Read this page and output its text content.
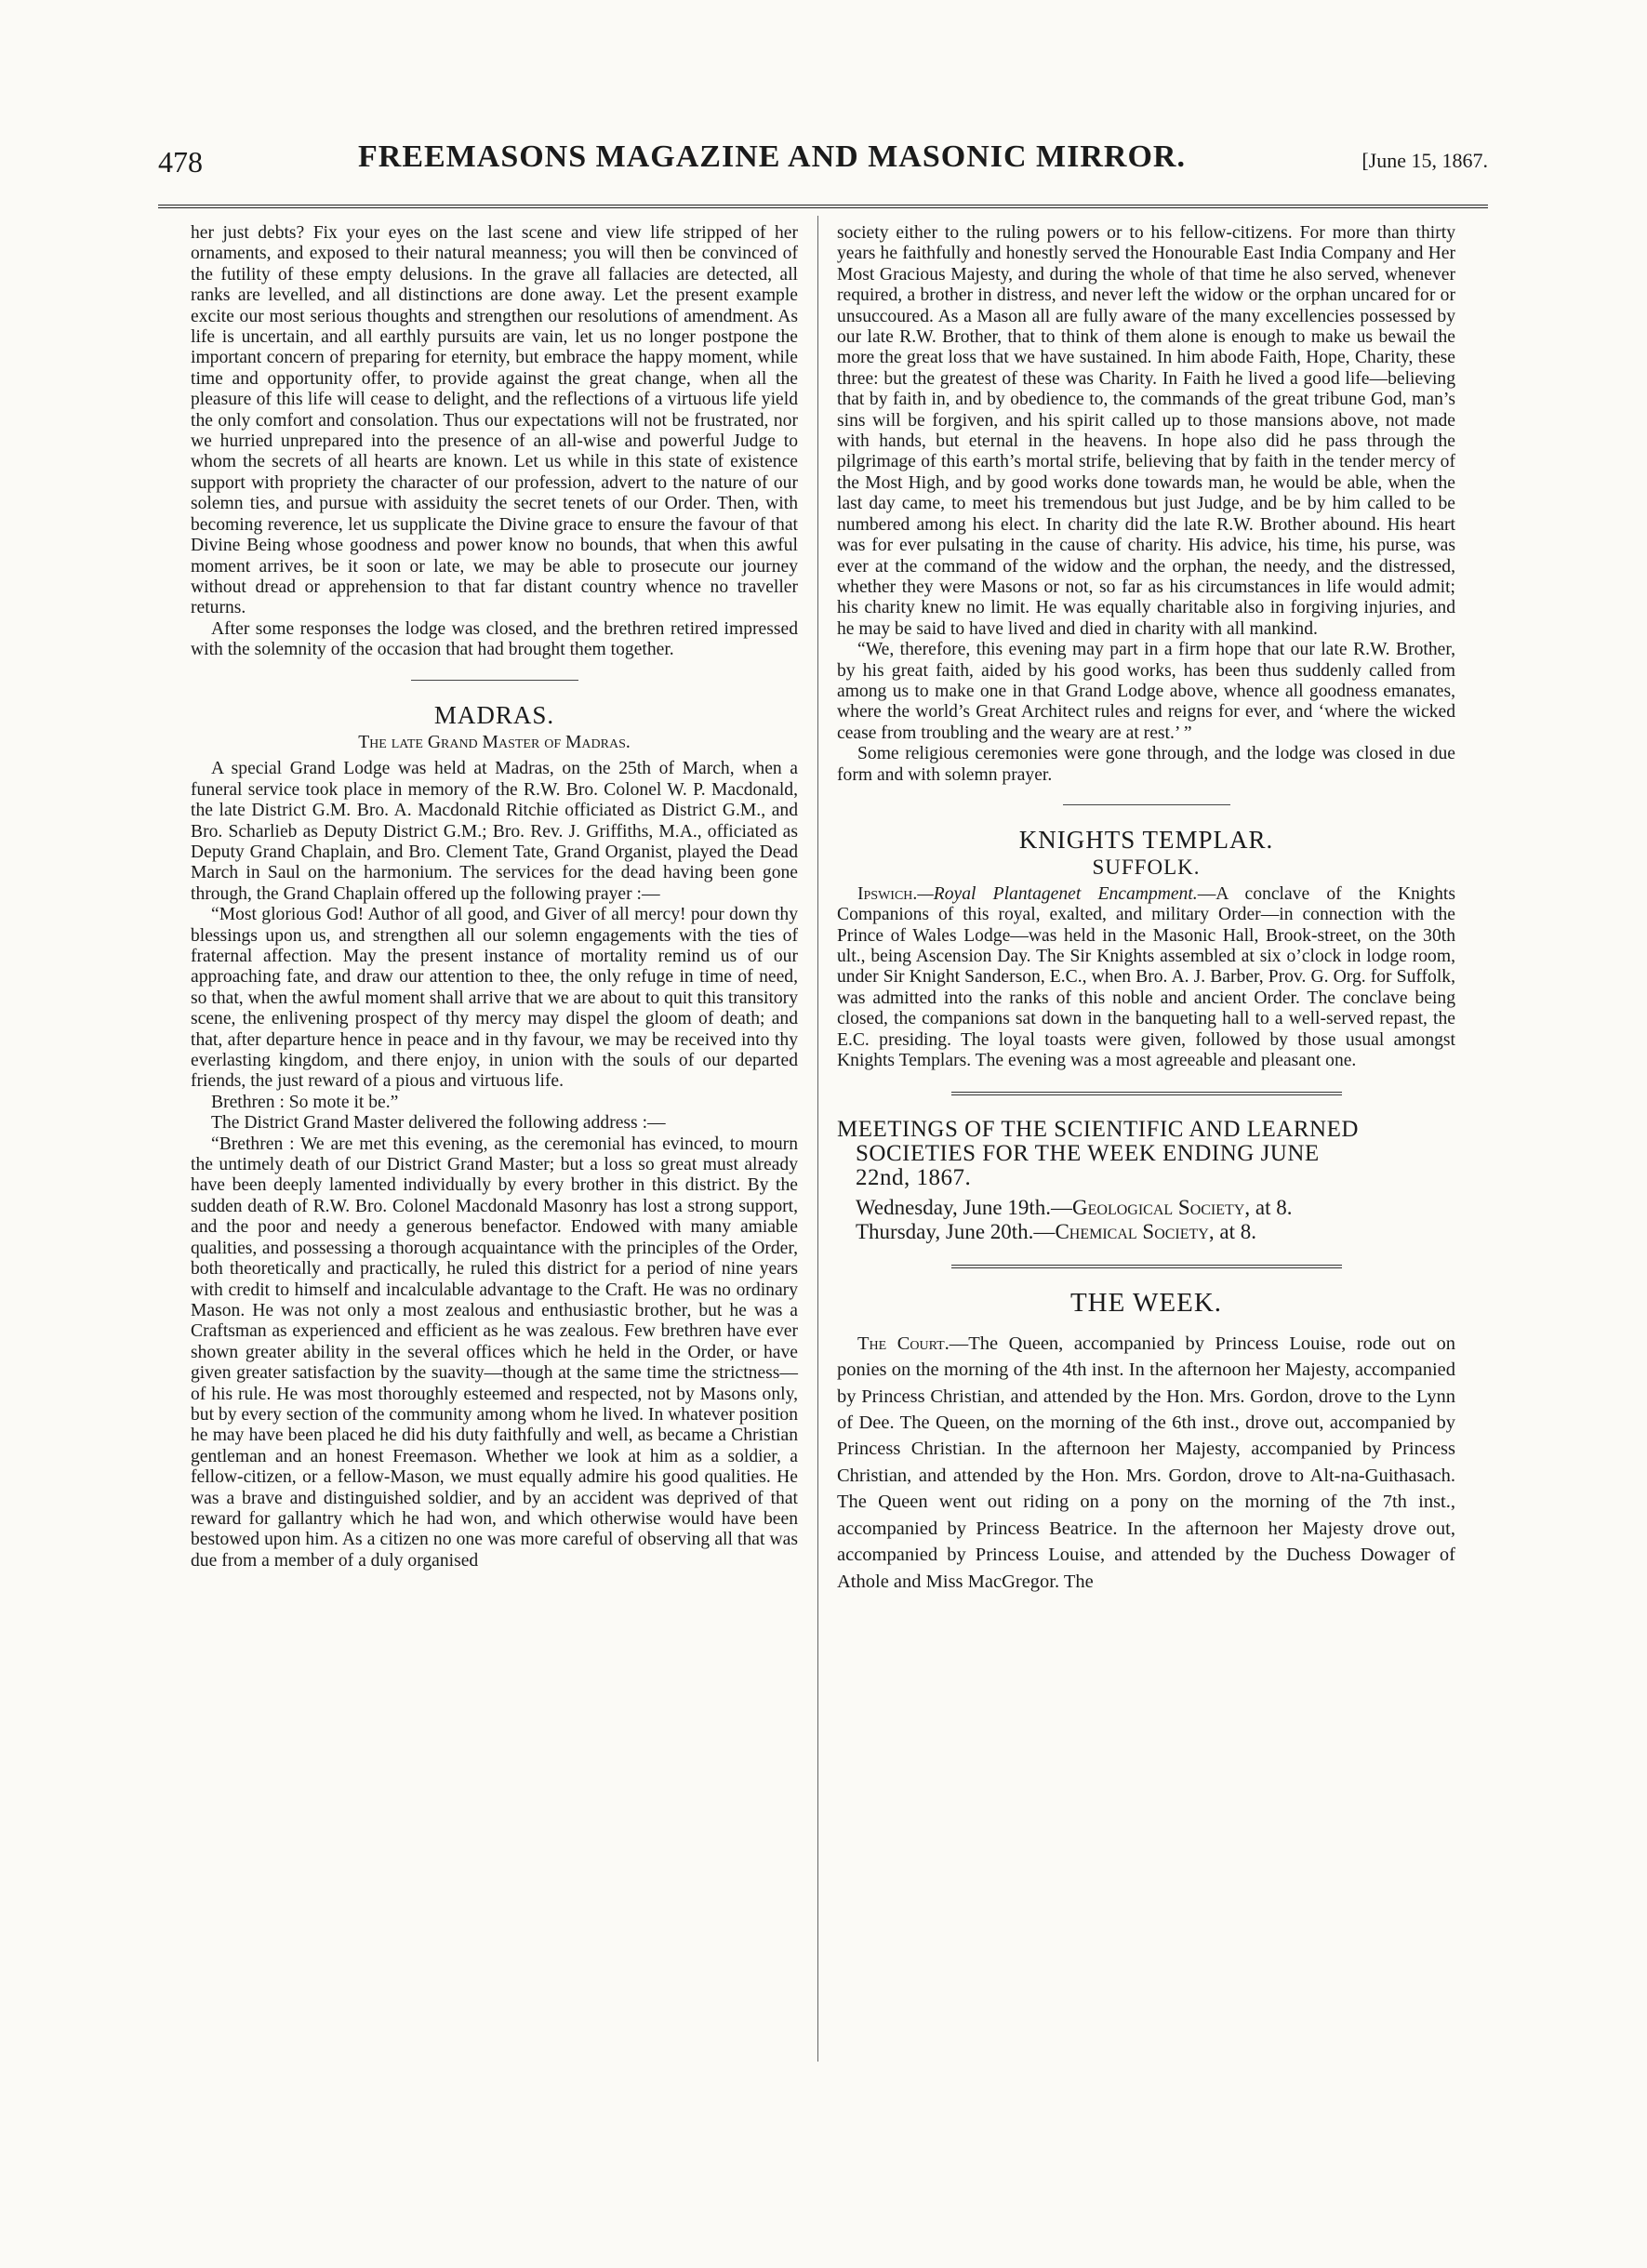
478	FREEMASONS MAGAZINE AND MASONIC MIRROR.	[June 15, 1867.

her just debts? Fix your eyes on the last scene and view life stripped of her ornaments, and exposed to their natural meanness; you will then be convinced of the futility of these empty delusions. In the grave all fallacies are detected, all ranks are levelled, and all distinctions are done away. Let the present example excite our most serious thoughts and strengthen our resolutions of amendment. As life is uncertain, and all earthly pursuits are vain, let us no longer postpone the important concern of preparing for eternity, but embrace the happy moment, while time and opportunity offer, to provide against the great change, when all the pleasure of this life will cease to delight, and the reflections of a virtuous life yield the only comfort and consolation. Thus our expectations will not be frustrated, nor we hurried unprepared into the presence of an all-wise and powerful Judge to whom the secrets of all hearts are known. Let us while in this state of existence support with propriety the character of our profession, advert to the nature of our solemn ties, and pursue with assiduity the secret tenets of our Order. Then, with becoming reverence, let us supplicate the Divine grace to ensure the favour of that Divine Being whose goodness and power know no bounds, that when this awful moment arrives, be it soon or late, we may be able to prosecute our journey without dread or apprehension to that far distant country whence no traveller returns.

After some responses the lodge was closed, and the brethren retired impressed with the solemnity of the occasion that had brought them together.

MADRAS.
The late Grand Master of Madras.

A special Grand Lodge was held at Madras, on the 25th of March, when a funeral service took place in memory of the R.W. Bro. Colonel W. P. Macdonald, the late District G.M. Bro. A. Macdonald Ritchie officiated as District G.M., and Bro. Scharlieb as Deputy District G.M.; Bro. Rev. J. Griffiths, M.A., officiated as Deputy Grand Chaplain, and Bro. Clement Tate, Grand Organist, played the Dead March in Saul on the harmonium. The services for the dead having been gone through, the Grand Chaplain offered up the following prayer :—

“Most glorious God! Author of all good, and Giver of all mercy! pour down thy blessings upon us, and strengthen all our solemn engagements with the ties of fraternal affection. May the present instance of mortality remind us of our approaching fate, and draw our attention to thee, the only refuge in time of need, so that, when the awful moment shall arrive that we are about to quit this transitory scene, the enlivening prospect of thy mercy may dispel the gloom of death; and that, after departure hence in peace and in thy favour, we may be received into thy everlasting kingdom, and there enjoy, in union with the souls of our departed friends, the just reward of a pious and virtuous life.

Brethren : So mote it be.”

The District Grand Master delivered the following address :—

“Brethren : We are met this evening, as the ceremonial has evinced, to mourn the untimely death of our District Grand Master; but a loss so great must already have been deeply lamented individually by every brother in this district. By the sudden death of R.W. Bro. Colonel Macdonald Masonry has lost a strong support, and the poor and needy a generous benefactor. Endowed with many amiable qualities, and possessing a thorough acquaintance with the principles of the Order, both theoretically and practically, he ruled this district for a period of nine years with credit to himself and incalculable advantage to the Craft. He was no ordinary Mason. He was not only a most zealous and enthusiastic brother, but he was a Craftsman as experienced and efficient as he was zealous. Few brethren have ever shown greater ability in the several offices which he held in the Order, or have given greater satisfaction by the suavity—though at the same time the strictness—of his rule. He was most thoroughly esteemed and respected, not by Masons only, but by every section of the community among whom he lived. In whatever position he may have been placed he did his duty faithfully and well, as became a Christian gentleman and an honest Freemason. Whether we look at him as a soldier, a fellow-citizen, or a fellow-Mason, we must equally admire his good qualities. He was a brave and distinguished soldier, and by an accident was deprived of that reward for gallantry which he had won, and which otherwise would have been bestowed upon him. As a citizen no one was more careful of observing all that was due from a member of a duly organised

society either to the ruling powers or to his fellow-citizens. For more than thirty years he faithfully and honestly served the Honourable East India Company and Her Most Gracious Majesty, and during the whole of that time he also served, whenever required, a brother in distress, and never left the widow or the orphan uncared for or unsuccoured. As a Mason all are fully aware of the many excellencies possessed by our late R.W. Brother, that to think of them alone is enough to make us bewail the more the great loss that we have sustained. In him abode Faith, Hope, Charity, these three: but the greatest of these was Charity. In Faith he lived a good life—believing that by faith in, and by obedience to, the commands of the great tribune God, man’s sins will be forgiven, and his spirit called up to those mansions above, not made with hands, but eternal in the heavens. In hope also did he pass through the pilgrimage of this earth’s mortal strife, believing that by faith in the tender mercy of the Most High, and by good works done towards man, he would be able, when the last day came, to meet his tremendous but just Judge, and be by him called to be numbered among his elect. In charity did the late R.W. Brother abound. His heart was for ever pulsating in the cause of charity. His advice, his time, his purse, was ever at the command of the widow and the orphan, the needy, and the distressed, whether they were Masons or not, so far as his circumstances in life would admit; his charity knew no limit. He was equally charitable also in forgiving injuries, and he may be said to have lived and died in charity with all mankind.

“We, therefore, this evening may part in a firm hope that our late R.W. Brother, by his great faith, aided by his good works, has been thus suddenly called from among us to make one in that Grand Lodge above, whence all goodness emanates, where the world’s Great Architect rules and reigns for ever, and ‘where the wicked cease from troubling and the weary are at rest.’ ”

Some religious ceremonies were gone through, and the lodge was closed in due form and with solemn prayer.

KNIGHTS TEMPLAR.
SUFFOLK.

Ipswich.—Royal Plantagenet Encampment.—A conclave of the Knights Companions of this royal, exalted, and military Order—in connection with the Prince of Wales Lodge—was held in the Masonic Hall, Brook-street, on the 30th ult., being Ascension Day. The Sir Knights assembled at six o’clock in lodge room, under Sir Knight Sanderson, E.C., when Bro. A. J. Barber, Prov. G. Org. for Suffolk, was admitted into the ranks of this noble and ancient Order. The conclave being closed, the companions sat down in the banqueting hall to a well-served repast, the E.C. presiding. The loyal toasts were given, followed by those usual amongst Knights Templars. The evening was a most agreeable and pleasant one.

MEETINGS OF THE SCIENTIFIC AND LEARNED
SOCIETIES FOR THE WEEK ENDING JUNE
22nd, 1867.
Wednesday, June 19th.—Geological Society, at 8.
Thursday, June 20th.—Chemical Society, at 8.
THE WEEK.

The Court.—The Queen, accompanied by Princess Louise, rode out on ponies on the morning of the 4th inst. In the afternoon her Majesty, accompanied by Princess Christian, and attended by the Hon. Mrs. Gordon, drove to the Lynn of Dee. The Queen, on the morning of the 6th inst., drove out, accompanied by Princess Christian. In the afternoon her Majesty, accompanied by Princess Christian, and attended by the Hon. Mrs. Gordon, drove to Alt-na-Guithasach. The Queen went out riding on a pony on the morning of the 7th inst., accompanied by Princess Beatrice. In the afternoon her Majesty drove out, accompanied by Princess Louise, and attended by the Duchess Dowager of Athole and Miss MacGregor. The
